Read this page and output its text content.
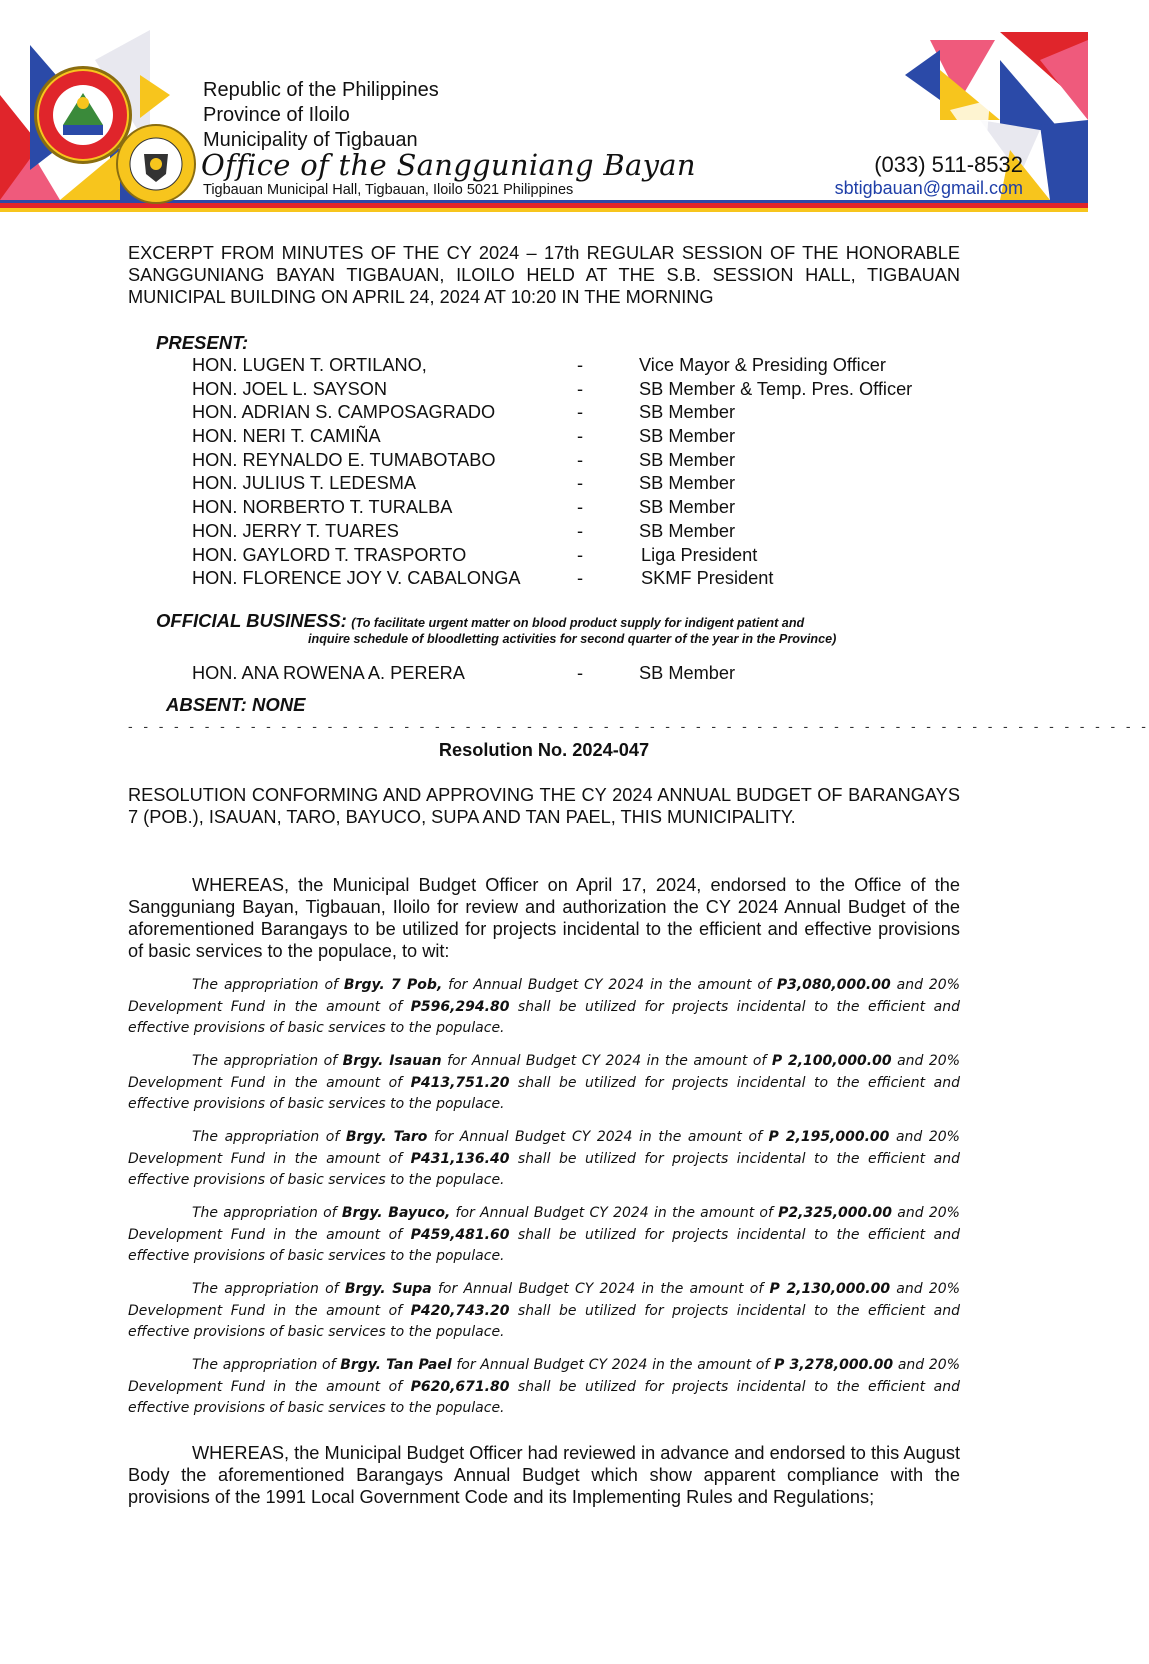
Republic of the Philippines
Province of Iloilo
Municipality of Tigbauan
Office of the Sangguniang Bayan
Tigbauan Municipal Hall, Tigbauan, Iloilo 5021 Philippines
(033) 511-8532
sbtigbauan@gmail.com
EXCERPT FROM MINUTES OF THE CY 2024 – 17th REGULAR SESSION OF THE HONORABLE SANGGUNIANG BAYAN TIGBAUAN, ILOILO HELD AT THE S.B. SESSION HALL, TIGBAUAN MUNICIPAL BUILDING ON APRIL 24, 2024 AT 10:20 IN THE MORNING
PRESENT:
HON. LUGEN T. ORTILANO,	-	Vice Mayor & Presiding Officer
HON. JOEL L. SAYSON	-	SB Member & Temp. Pres. Officer
HON. ADRIAN S. CAMPOSAGRADO	-	SB Member
HON. NERI T. CAMIÑA	-	SB Member
HON. REYNALDO E. TUMABOTABO	-	SB Member
HON. JULIUS T. LEDESMA	-	SB Member
HON. NORBERTO T. TURALBA	-	SB Member
HON. JERRY T. TUARES	-	SB Member
HON. GAYLORD T. TRASPORTO	-	Liga President
HON. FLORENCE JOY V. CABALONGA	-	SKMF President
OFFICIAL BUSINESS: (To facilitate urgent matter on blood product supply for indigent patient and
inquire schedule of bloodletting activities for second quarter of the year in the Province)
HON. ANA ROWENA A. PERERA	-	SB Member
ABSENT: NONE
- - - - - - - - - - - - - - - - - - - - - - - - - - - - - - - - - - - - - - - - - - - - - - - - - - - - - - - - - - - - - - - - - - -
Resolution No. 2024-047
RESOLUTION CONFORMING AND APPROVING THE CY 2024 ANNUAL BUDGET OF BARANGAYS 7 (POB.), ISAUAN, TARO, BAYUCO, SUPA AND TAN PAEL, THIS MUNICIPALITY.
WHEREAS, the Municipal Budget Officer on April 17, 2024, endorsed to the Office of the Sangguniang Bayan, Tigbauan, Iloilo for review and authorization the CY 2024 Annual Budget of the aforementioned Barangays to be utilized for projects incidental to the efficient and effective provisions of basic services to the populace, to wit:
The appropriation of Brgy. 7 Pob, for Annual Budget CY 2024 in the amount of P3,080,000.00 and 20% Development Fund in the amount of P596,294.80 shall be utilized for projects incidental to the efficient and effective provisions of basic services to the populace.
The appropriation of Brgy. Isauan for Annual Budget CY 2024 in the amount of P 2,100,000.00 and 20% Development Fund in the amount of P413,751.20 shall be utilized for projects incidental to the efficient and effective provisions of basic services to the populace.
The appropriation of Brgy. Taro for Annual Budget CY 2024 in the amount of P 2,195,000.00 and 20% Development Fund in the amount of P431,136.40 shall be utilized for projects incidental to the efficient and effective provisions of basic services to the populace.
The appropriation of Brgy. Bayuco, for Annual Budget CY 2024 in the amount of P2,325,000.00 and 20% Development Fund in the amount of P459,481.60 shall be utilized for projects incidental to the efficient and effective provisions of basic services to the populace.
The appropriation of Brgy. Supa for Annual Budget CY 2024 in the amount of P 2,130,000.00 and 20% Development Fund in the amount of P420,743.20 shall be utilized for projects incidental to the efficient and effective provisions of basic services to the populace.
The appropriation of Brgy. Tan Pael for Annual Budget CY 2024 in the amount of P 3,278,000.00 and 20% Development Fund in the amount of P620,671.80 shall be utilized for projects incidental to the efficient and effective provisions of basic services to the populace.
WHEREAS, the Municipal Budget Officer had reviewed in advance and endorsed to this August Body the aforementioned Barangays Annual Budget which show apparent compliance with the provisions of the 1991 Local Government Code and its Implementing Rules and Regulations;
